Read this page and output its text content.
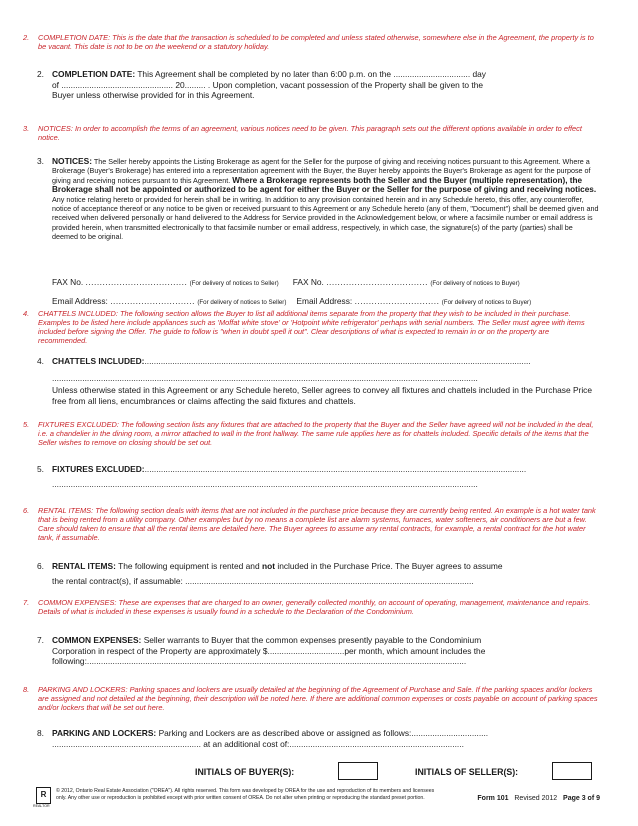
2. COMPLETION DATE: This is the date that the transaction is scheduled to be completed and unless stated otherwise, somewhere else in the Agreement, the property is to be vacant. This date is not to be on the weekend or a statutory holiday.

2. COMPLETION DATE: This Agreement shall be completed by no later than 6:00 p.m. on the ................................. day
of ................................................ 20......... . Upon completion, vacant possession of the Property shall be given to the
Buyer unless otherwise provided for in this Agreement.

3. NOTICES: In order to accomplish the terms of an agreement, various notices need to be given. This paragraph sets out the different options available in order to effect notice.

3. NOTICES: The Seller hereby appoints the Listing Brokerage as agent for the Seller for the purpose of giving and receiving notices pursuant to this Agreement. Where a Brokerage (Buyer's Brokerage) has entered into a representation agreement with the Buyer, the Buyer hereby appoints the Buyer's Brokerage as agent for the purpose of giving and receiving notices pursuant to this Agreement. Where a Brokerage represents both the Seller and the Buyer (multiple representation), the Brokerage shall not be appointed or authorized to be agent for either the Buyer or the Seller for the purpose of giving and receiving notices. Any notice relating hereto or provided for herein shall be in writing. In addition to any provision contained herein and in any Schedule hereto, this offer, any counteroffer, notice of acceptance thereof or any notice to be given or received pursuant to this Agreement or any Schedule hereto (any of them, "Document") shall be deemed given and received when delivered personally or hand delivered to the Address for Service provided in the Acknowledgement below, or where a facsimile number or email address is provided herein, when transmitted electronically to that facsimile number or email address, respectively, in which case, the signature(s) of the party (parties) shall be deemed to be original.
FAX No.
....................................
(For delivery of notices to Seller) FAX No.
....................................
(For delivery of notices to Buyer)
Email Address:
..............................
(For delivery of notices to Seller) Email Address:
..............................
(For delivery of notices to Buyer)

4. CHATTELS INCLUDED: The following section allows the Buyer to list all additional items separate from the property that they wish to be included in their purchase. Examples to be listed here include appliances such as 'Moffat white stove' or 'Hotpoint white refrigerator' perhaps with serial numbers. The Seller must agree with items included before signing the Offer. The guide to follow is "when in doubt spell it out". Clear descriptions of what is expected to remain in or on the property are recommended.

4. CHATTELS INCLUDED:......................................................................................................................................................................
.......................................................................................................................................................................................
Unless otherwise stated in this Agreement or any Schedule hereto, Seller agrees to convey all fixtures and chattels included in the Purchase Price free from all liens, encumbrances or claims affecting the said fixtures and chattels.

5. FIXTURES EXCLUDED: The following section lists any fixtures that are attached to the property that the Buyer and the Seller have agreed will not be included in the deal, i.e. a chandelier in the dining room, a mirror attached to wall in the front hallway. The same rule applies here as for chattels included. Specific details of the items that the Seller wishes to remove on closing should be set out.

5. FIXTURES EXCLUDED:....................................................................................................................................................................
.......................................................................................................................................................................................

6. RENTAL ITEMS: The following section deals with items that are not included in the purchase price because they are currently being rented. An example is a hot water tank that is being rented from a utility company. Other examples but by no means a complete list are alarm systems, furnaces, water softeners, air conditioners are but a few. Care should taken to ensure that all the rental items are detailed here. The Buyer agrees to assume any rental contracts, for example, a rental contract for the hot water tank, if assumable.

6. RENTAL ITEMS: The following equipment is rented and not included in the Purchase Price. The Buyer agrees to assume
the rental contract(s), if assumable: ............................................................................................................................

7. COMMON EXPENSES: These are expenses that are charged to an owner, generally collected monthly, on account of operating, management, maintenance and repairs. Details of what is included in these expenses is usually found in a schedule to the Declaration of the Condominium.

7. COMMON EXPENSES: Seller warrants to Buyer that the common expenses presently payable to the Condominium
Corporation in respect of the Property are approximately $.................................per month, which amount includes the
following:...................................................................................................................................................................

8. PARKING AND LOCKERS: Parking spaces and lockers are usually detailed at the beginning of the Agreement of Purchase and Sale. If the parking spaces and/or lockers are assigned and not detailed at the beginning, their description will be noted here. If there are additional common expenses or costs payable on account of parking spaces and/or lockers that will be set out here.

8. PARKING AND LOCKERS: Parking and Lockers are as described above or assigned as follows:.................................
................................................................ at an additional cost of:...........................................................................
INITIALS OF BUYER(S):	INITIALS OF SELLER(S):
R
REALTOR
© 2012, Ontario Real Estate Association ("OREA"). All rights reserved. This form was developed by OREA for the use and reproduction of its members and licensees
only. Any other use or reproduction is prohibited except with prior written consent of OREA. Do not alter when printing or reproducing the standard preset portion.	Form 101 Revised 2012 Page 3 of 9
